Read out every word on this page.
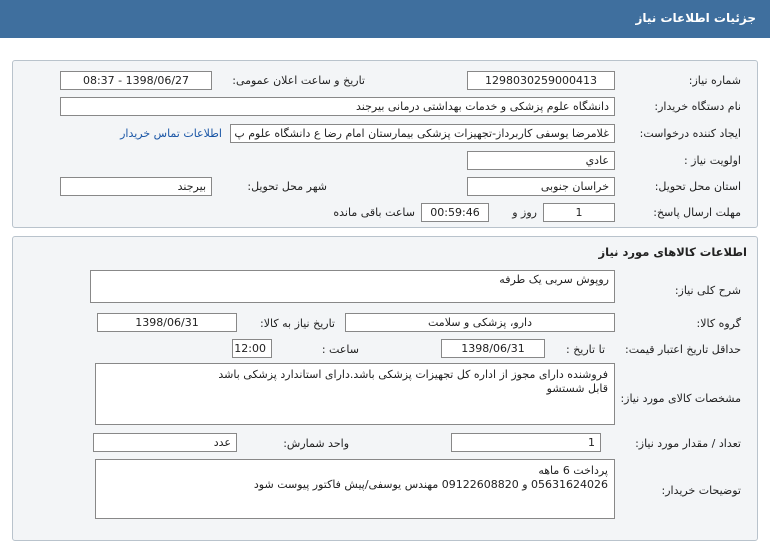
جزئیات اطلاعات نیاز
شماره نیاز:
1298030259000413
تاریخ و ساعت اعلان عمومی:
1398/06/27 - 08:37
نام دستگاه خریدار:
دانشگاه علوم پزشکی و خدمات بهداشتی درمانی بیرجند
ایجاد کننده درخواست:
غلامرضا یوسفی کاربرداز-تجهیزات پزشکی بیمارستان امام رضا ع دانشگاه علوم پ
اطلاعات تماس خریدار
اولویت نیاز :
عادي
استان محل تحویل:
خراسان جنوبی
شهر محل تحویل:
بیرجند
مهلت ارسال پاسخ:
1
روز و
00:59:46
ساعت باقی مانده
اطلاعات کالاهای مورد نیاز
شرح کلی نیاز:
روپوش سربی یک طرفه
گروه کالا:
دارو، پزشکی و سلامت
تاریخ نیاز به کالا:
1398/06/31
حداقل تاریخ اعتبار قیمت:
تا تاریخ :
1398/06/31
ساعت :
12:00
مشخصات کالای مورد نیاز:
فروشنده دارای مجوز از اداره کل تجهیزات پزشکی باشد.دارای استاندارد پزشکی باشد
قابل شستشو
تعداد / مقدار مورد نیاز:
1
واحد شمارش:
عدد
توضیحات خریدار:
پرداخت 6 ماهه
05631624026 و 09122608820 مهندس یوسفی/پیش فاکتور پیوست شود
